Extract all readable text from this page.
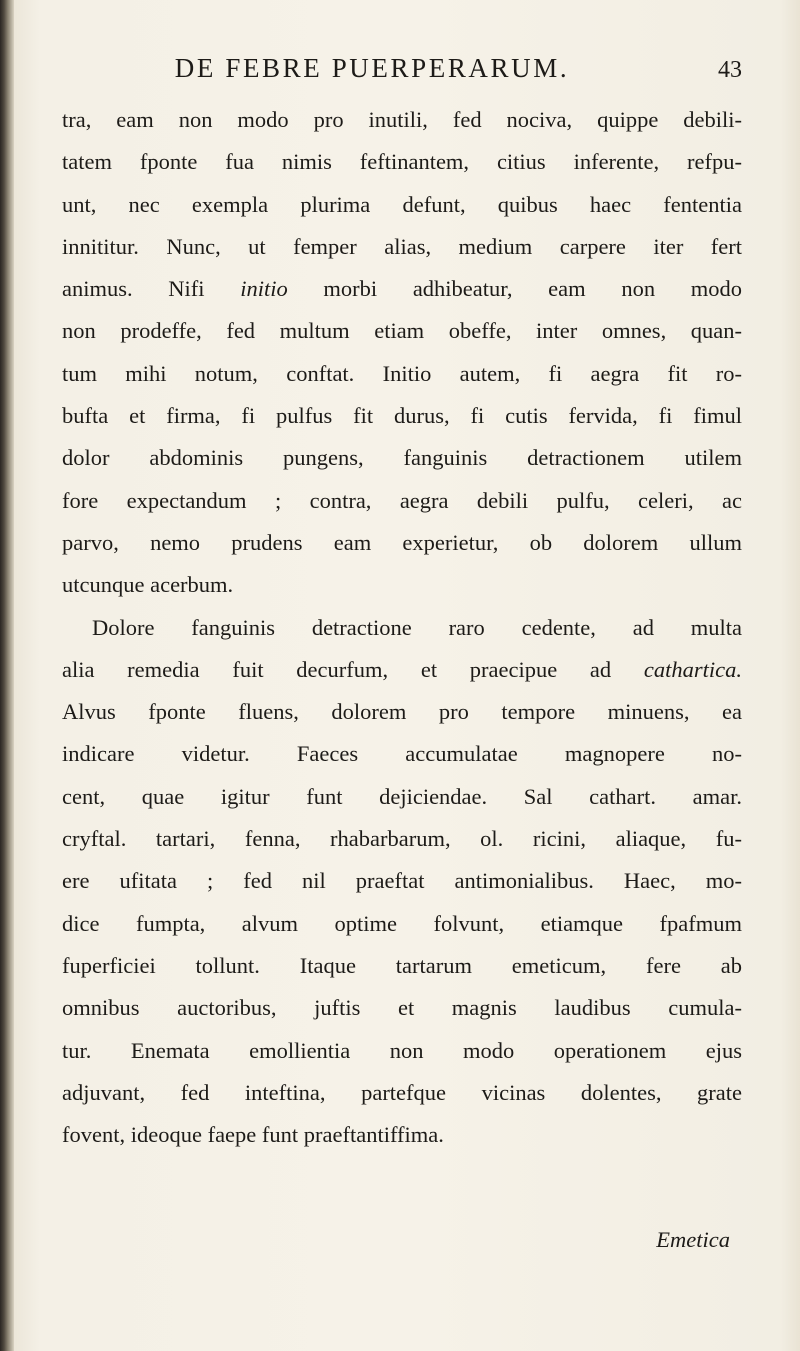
DE FEBRE PUERPERARUM.	43
tra, eam non modo pro inutili, fed nociva, quippe debili-
tatem fponte fua nimis feftinantem, citius inferente, refpu-
unt, nec exempla plurima defunt, quibus haec fententia
innititur. Nunc, ut femper alias, medium carpere iter fert
animus. Nifi initio morbi adhibeatur, eam non modo
non prodeffe, fed multum etiam obeffe, inter omnes, quan-
tum mihi notum, conftat. Initio autem, fi aegra fit ro-
bufta et firma, fi pulfus fit durus, fi cutis fervida, fi fimul
dolor abdominis pungens, fanguinis detractionem utilem
fore expectandum ; contra, aegra debili pulfu, celeri, ac
parvo, nemo prudens eam experietur, ob dolorem ullum
utcunque acerbum.
Dolore fanguinis detractione raro cedente, ad multa
alia remedia fuit decurfum, et praecipue ad cathartica.
Alvus fponte fluens, dolorem pro tempore minuens, ea
indicare videtur. Faeces accumulatae magnopere no-
cent, quae igitur funt dejiciendae. Sal cathart. amar.
cryftal. tartari, fenna, rhabarbarum, ol. ricini, aliaque, fu-
ere ufitata ; fed nil praeftat antimonialibus. Haec, mo-
dice fumpta, alvum optime folvunt, etiamque fpafmum
fuperficiei tollunt. Itaque tartarum emeticum, fere ab
omnibus auctoribus, juftis et magnis laudibus cumula-
tur. Enemata emollientia non modo operationem ejus
adjuvant, fed inteftina, partefque vicinas dolentes, grate
fovent, ideoque faepe funt praeftantiffima.
Emetica
